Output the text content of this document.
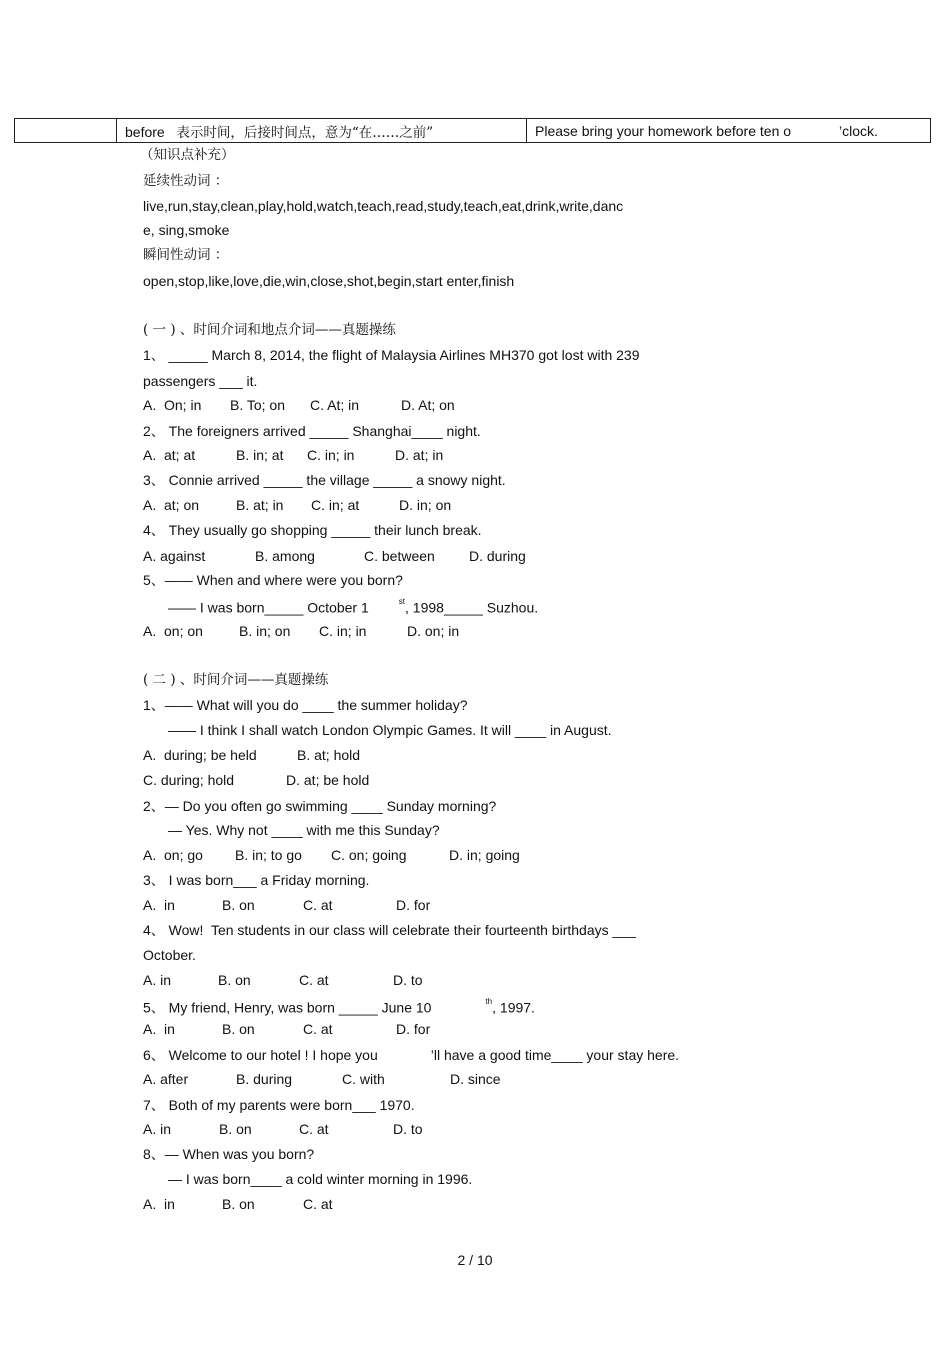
	before 表示时间，后接时间点，意为“在……之前”	Please bring your homework before ten o	’clock.
（知识点补充）
延续性动词 ：
live,run,stay,clean,play,hold,watch,teach,read,study,teach,eat,drink,write,danc
e, sing,smoke
瞬间性动词 ：
open,stop,like,love,die,win,close,shot,begin,start enter,finish
( 一 ) 、时间介词和地点介词——真题操练
1、 _____ March 8, 2014, the flight of Malaysia Airlines MH370 got lost with 239
passengers ___ it.
A.  On; in B. To; on C. At; in	D. At; on
2、 The foreigners arrived _____ Shanghai____ night.
A.  at; at	B. in; at C. in; in	D. at; in
3、 Connie arrived _____ the village _____ a snowy night.
A.  at; on	B. at; in C. in; at	D. in; on
4、 They usually go shopping _____ their lunch break.
A. against	B. among	C. between D. during
5、—— When and where were you born?
—— I was born_____ October 1	$^{st}$, 1998_____ Suzhou.
A.  on; on	B. in; on C. in; in	D. on; in
( 二 ) 、时间介词——真题操练
1、—— What will you do ____ the summer holiday?
—— I think I shall watch London Olympic Games. It will ____ in August.
A.  during; be held	B. at; hold
C. during; hold	D. at; be hold
2、— Do you often go swimming ____ Sunday morning?
— Yes. Why not ____ with me this Sunday?
A.  on; go B. in; to go C. on; going	D. in; going
3、 I was born___ a Friday morning.
A.  in	B. on	C. at	D. for
4、 Wow!  Ten students in our class will celebrate their fourteenth birthdays ___
October.
A. in	B. on	C. at	D. to
5、 My friend, Henry, was born _____ June 10	$^{th}$, 1997.
A.  in	B. on	C. at	D. for
6、 Welcome to our hotel ! I hope you	’ll have a good time____ your stay here.
A. after	B. during	C. with	D. since
7、 Both of my parents were born___ 1970.
A. in	B. on	C. at	D. to
8、— When was you born?
— I was born____ a cold winter morning in 1996.
A.  in	B. on	C. at
2 / 10
